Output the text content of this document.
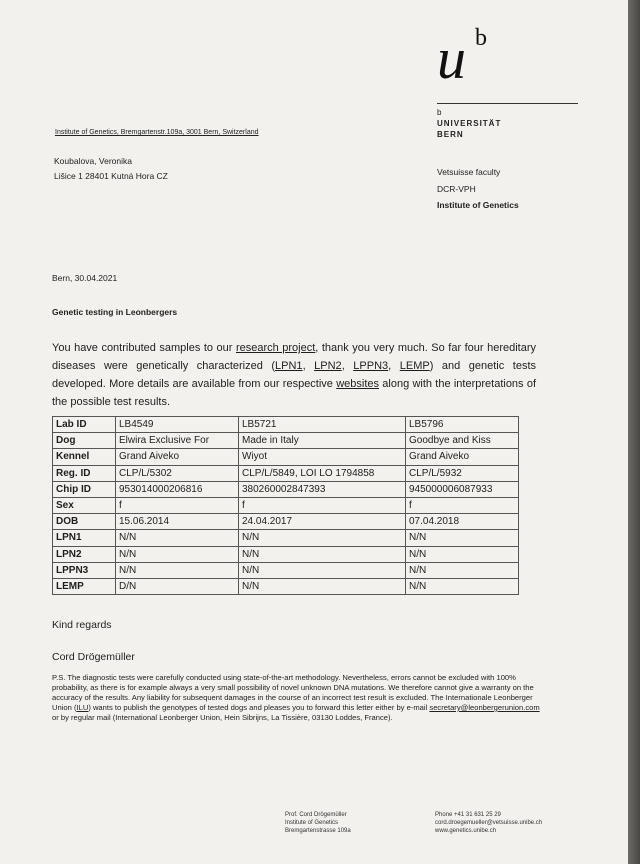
u b
b
UNIVERSITÄT
BERN
Institute of Genetics, Bremgartenstr.109a, 3001 Bern, Switzerland
Koubalova, Veronika
Lišice 1 28401 Kutná Hora CZ	Vetsuisse faculty
DCR-VPH
Institute of Genetics
Bern, 30.04.2021
Genetic testing in Leonbergers
You have contributed samples to our research project, thank you very much. So far four hereditary diseases were genetically characterized (LPN1, LPN2, LPPN3, LEMP) and genetic tests developed. More details are available from our respective websites along with the interpretations of the possible test results.
Lab ID	LB4549	LB5721	LB5796
Dog	Elwira Exclusive For	Made in Italy	Goodbye and Kiss
Kennel	Grand Aiveko	Wiyot	Grand Aiveko
Reg. ID	CLP/L/5302	CLP/L/5849, LOI LO 1794858	CLP/L/5932
Chip ID	953014000206816	380260002847393	945000006087933
Sex	f	f	f
DOB	15.06.2014	24.04.2017	07.04.2018
LPN1	N/N	N/N	N/N
LPN2	N/N	N/N	N/N
LPPN3	N/N	N/N	N/N
LEMP	D/N	N/N	N/N
Kind regards
Cord Drögemüller
P.S. The diagnostic tests were carefully conducted using state-of-the-art methodology. Nevertheless, errors cannot be excluded with 100% probability, as there is for example always a very small possibility of novel unknown DNA mutations. We therefore cannot give a warranty on the accuracy of the results. Any liability for subsequent damages in the course of an incorrect test result is excluded. The Internationale Leonberger Union (ILU) wants to publish the genotypes of tested dogs and pleases you to forward this letter either by e-mail secretary@leonbergerunion.com or by regular mail (International Leonberger Union, Hein Sibrijns, La Tissière, 03130 Loddes, France).
Prof. Cord Drögemüller
Institute of Genetics
Bremgartenstrasse 109a
Phone +41 31 631 25 29
cord.droegemueller@vetsuisse.unibe.ch
www.genetics.unibe.ch
